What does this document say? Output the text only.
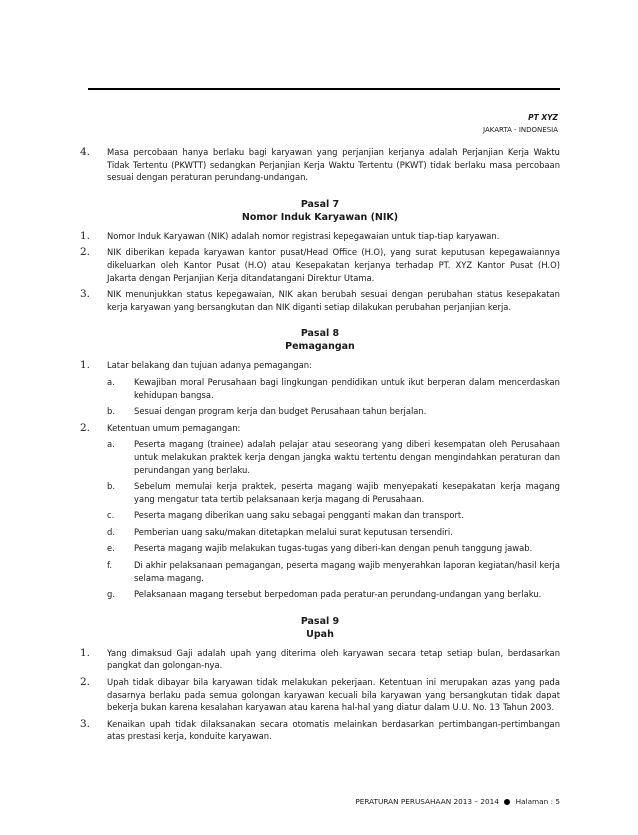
PT XYZ
JAKARTA - INDONESIA
4. Masa percobaan hanya berlaku bagi karyawan yang perjanjian kerjanya adalah Perjanjian Kerja Waktu Tidak Tertentu (PKWTT) sedangkan Perjanjian Kerja Waktu Tertentu (PKWT) tidak berlaku masa percobaan sesuai dengan peraturan perundang-undangan.
Pasal 7
Nomor Induk Karyawan (NIK)
1. Nomor Induk Karyawan (NIK) adalah nomor registrasi kepegawaian untuk tiap-tiap karyawan.
2. NIK diberikan kepada karyawan kantor pusat/Head Office (H.O), yang surat keputusan kepegawaiannya dikeluarkan oleh Kantor Pusat (H.O) atau Kesepakatan kerjanya terhadap PT. XYZ Kantor Pusat (H.O) Jakarta dengan Perjanjian Kerja ditandatangani Direktur Utama.
3. NIK menunjukkan status kepegawaian, NIK akan berubah sesuai dengan perubahan status kesepakatan kerja karyawan yang bersangkutan dan NIK diganti setiap dilakukan perubahan perjanjian kerja.
Pasal 8
Pemagangan
1. Latar belakang dan tujuan adanya pemagangan:
a. Kewajiban moral Perusahaan bagi lingkungan pendidikan untuk ikut berperan dalam mencerdaskan kehidupan bangsa.
b. Sesuai dengan program kerja dan budget Perusahaan tahun berjalan.
2. Ketentuan umum pemagangan:
a. Peserta magang (trainee) adalah pelajar atau seseorang yang diberi kesempatan oleh Perusahaan untuk melakukan praktek kerja dengan jangka waktu tertentu dengan mengindahkan peraturan dan perundangan yang berlaku.
b. Sebelum memulai kerja praktek, peserta magang wajib menyepakati kesepakatan kerja magang yang mengatur tata tertib pelaksanaan kerja magang di Perusahaan.
c. Peserta magang diberikan uang saku sebagai pengganti makan dan transport.
d. Pemberian uang saku/makan ditetapkan melalui surat keputusan tersendiri.
e. Peserta magang wajib melakukan tugas-tugas yang diberi-kan dengan penuh tanggung jawab.
f.	Di akhir pelaksanaan pemagangan, peserta magang wajib menyerahkan laporan kegiatan/hasil kerja selama magang.
g. Pelaksanaan magang tersebut berpedoman pada peratur-an perundang-undangan yang berlaku.
Pasal 9
Upah
1. Yang dimaksud Gaji adalah upah yang diterima oleh karyawan secara tetap setiap bulan, berdasarkan pangkat dan golongan-nya.
2. Upah tidak dibayar bila karyawan tidak melakukan pekerjaan. Ketentuan ini merupakan azas yang pada dasarnya berlaku pada semua golongan karyawan kecuali bila karyawan yang bersangkutan tidak dapat bekerja bukan karena kesalahan karyawan atau karena hal-hal yang diatur dalam U.U. No. 13 Tahun 2003.
3. Kenaikan upah tidak dilaksanakan secara otomatis melainkan berdasarkan pertimbangan-pertimbangan atas prestasi kerja, konduite karyawan.
PERATURAN PERUSAHAAN 2013 – 2014 Halaman : 5
